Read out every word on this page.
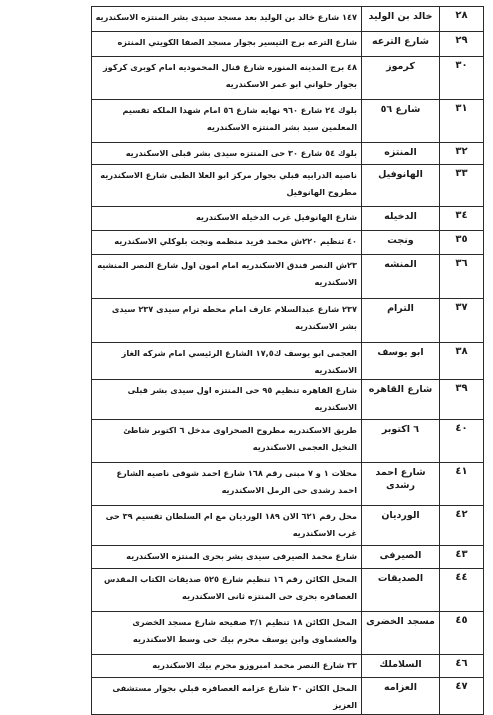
٢٨	خالد بن الوليد	١٤٧ شارع خالد بن الوليد بعد مسجد سيدى بشر المنتزه الاسكندريه
٢٩	شارع الترعه	شارع الترعه برج التيسير بجوار مسجد الصفا الكويتي المنتزه
٣٠	كرموز	٤٨ برج المدينه المنوره شارع قنال المحموديه امام كوبرى كركوز بجوار حلواني ابو عمر الاسكندريه
٣١	شارع ٥٦	بلوك ٢٤ شارع ٩٦٠ نهايه شارع ٥٦ امام شهدا الملكه تقسيم المعلمين سيد بشر المنتزه الاسكندريه
٣٢	المنتزه	بلوك ٥٤ شارع ٣٠ حى المنتزه سيدى بشر قبلى الاسكندريه
٣٣	الهانوفيل	ناصيه الدرابيه قبلي بجوار مركز ابو العلا الطبى شارع الاسكندريه مطروح الهانوفيل
٣٤	الدخيله	شارع الهانوفيل غرب الدخيله الاسكندريه
٣٥	ونجت	٤٠ تنظيم ٢٢٠ش محمد فريد منظمه ونجت بلوكلي الاسكندريه
٣٦	المنشه	٢٣ش النصر فندق الاسكندريه امام امون اول شارع النصر المنشيه الاسكندريه
٣٧	الترام	٢٣٧ شارع عبدالسلام عارف امام محطه ترام سيدى ٢٣٧ سيدى بشر الاسكندريه
٣٨	ابو يوسف	العجمى ابو يوسف ك١٧,٥ الشارع الرئيسي امام شركه الغاز الاسكندريه
٣٩	شارع القاهره	شارع القاهره تنظيم ٩٥ حى المنتزه اول سيدى بشر قبلى الاسكندريه
٤٠	٦ اكتوبر	طريق الاسكندريه مطروح الصحراوى مدخل ٦ اكتوبر شاطئ النخيل العجمى الاسكندريه
٤١	شارع احمد رشدى	محلات ١ و ٧ مبنى رقم ١٦٨ شارع احمد شوقى ناصيه الشارع احمد رشدى حى الرمل الاسكندريه
٤٢	الورديان	محل رقم ٦٢١ الان ١٨٩ الورديان مع ام السلطان تقسيم ٣٩ حى غرب الاسكندريه
٤٣	الصيرفى	شارع محمد الصيرفى سيدى بشر بحرى المنتزه الاسكندريه
٤٤	الصديقات	المحل الكائن رقم ١٦ تنظيم شارع ٥٢٥ صديقات الكتاب المقدس العصافره بحرى حى المنتزه ثانى الاسكندريه
٤٥	مسجد الخضرى	المحل الكائن ١٨ تنظيم ٣/١ صفيحه شارع مسجد الخضرى والعشماوى وابن يوسف محرم بيك حى وسط الاسكندريه
٤٦	السلاملك	٣٣ شارع النصر محمد امبروزو محرم بيك الاسكندريه
٤٧	العزامه	المحل الكائن ٣٠ شارع عزامه العصافره قبلي بجوار مستشفى العزيز
